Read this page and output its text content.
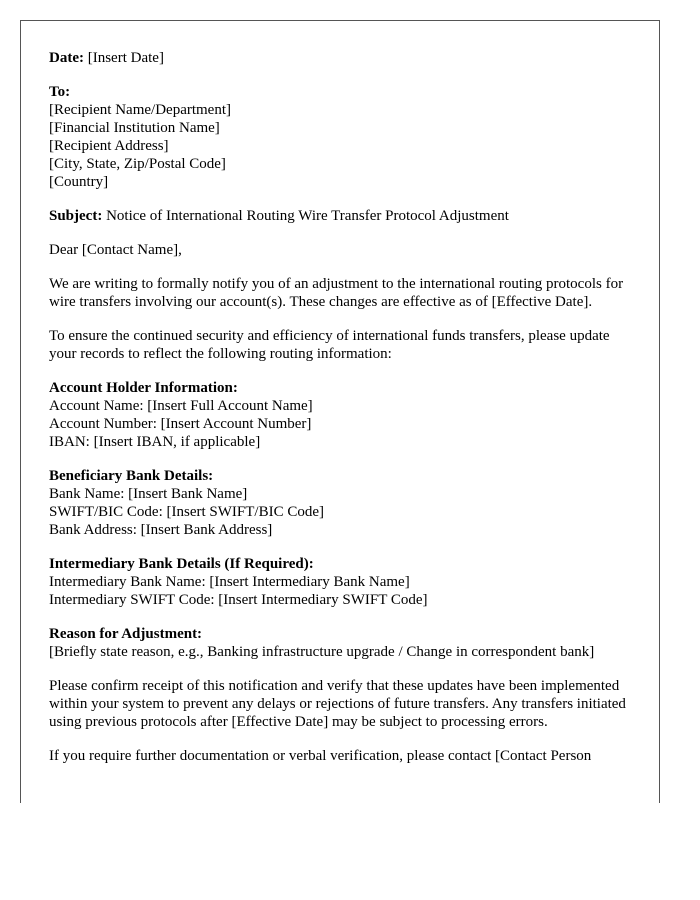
Date: [Insert Date]
To:
[Recipient Name/Department]
[Financial Institution Name]
[Recipient Address]
[City, State, Zip/Postal Code]
[Country]
Subject: Notice of International Routing Wire Transfer Protocol Adjustment
Dear [Contact Name],
We are writing to formally notify you of an adjustment to the international routing protocols for wire transfers involving our account(s). These changes are effective as of [Effective Date].
To ensure the continued security and efficiency of international funds transfers, please update your records to reflect the following routing information:
Account Holder Information:
Account Name: [Insert Full Account Name]
Account Number: [Insert Account Number]
IBAN: [Insert IBAN, if applicable]
Beneficiary Bank Details:
Bank Name: [Insert Bank Name]
SWIFT/BIC Code: [Insert SWIFT/BIC Code]
Bank Address: [Insert Bank Address]
Intermediary Bank Details (If Required):
Intermediary Bank Name: [Insert Intermediary Bank Name]
Intermediary SWIFT Code: [Insert Intermediary SWIFT Code]
Reason for Adjustment:
[Briefly state reason, e.g., Banking infrastructure upgrade / Change in correspondent bank]
Please confirm receipt of this notification and verify that these updates have been implemented within your system to prevent any delays or rejections of future transfers. Any transfers initiated using previous protocols after [Effective Date] may be subject to processing errors.
If you require further documentation or verbal verification, please contact [Contact Person
